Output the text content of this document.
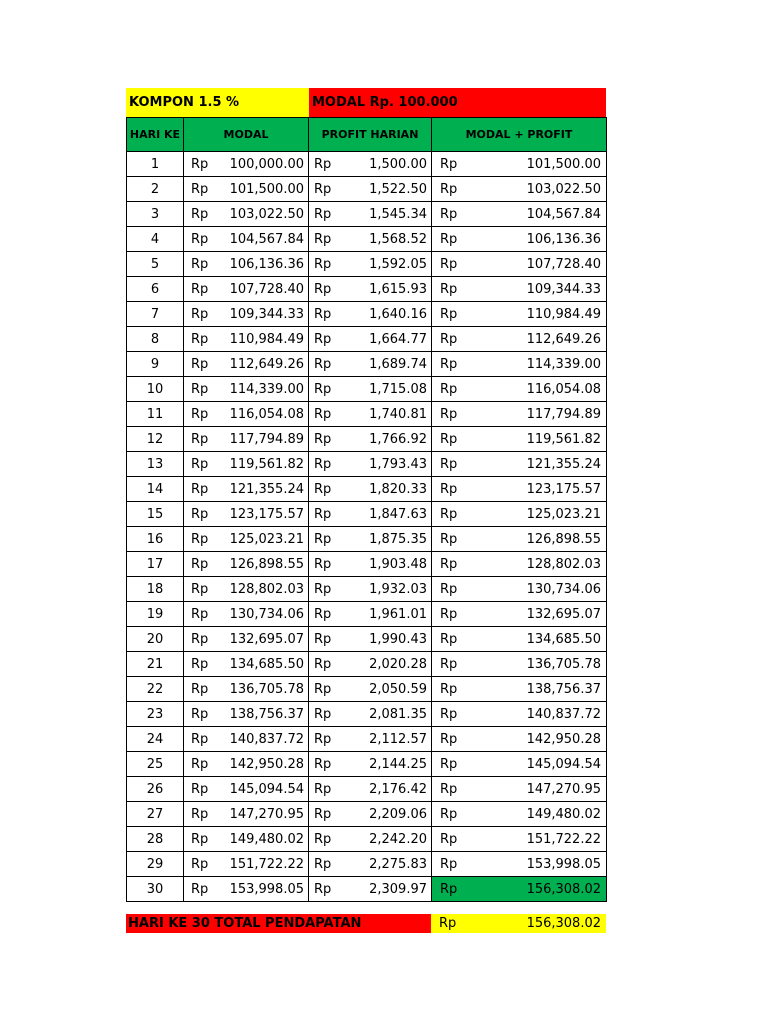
KOMPON 1.5 %	MODAL Rp. 100.000
HARI KE	MODAL	PROFIT HARIAN	MODAL + PROFIT
1	Rp 100,000.00	Rp 1,500.00	Rp 101,500.00

2	Rp 101,500.00	Rp 1,522.50	Rp 103,022.50

3	Rp 103,022.50	Rp 1,545.34	Rp 104,567.84

4	Rp 104,567.84	Rp 1,568.52	Rp 106,136.36

5	Rp 106,136.36	Rp 1,592.05	Rp 107,728.40

6	Rp 107,728.40	Rp 1,615.93	Rp 109,344.33

7	Rp 109,344.33	Rp 1,640.16	Rp 110,984.49

8	Rp 110,984.49	Rp 1,664.77	Rp 112,649.26

9	Rp 112,649.26	Rp 1,689.74	Rp 114,339.00

10	Rp 114,339.00	Rp 1,715.08	Rp 116,054.08

11	Rp 116,054.08	Rp 1,740.81	Rp 117,794.89

12	Rp 117,794.89	Rp 1,766.92	Rp 119,561.82

13	Rp 119,561.82	Rp 1,793.43	Rp 121,355.24

14	Rp 121,355.24	Rp 1,820.33	Rp 123,175.57

15	Rp 123,175.57	Rp 1,847.63	Rp 125,023.21

16	Rp 125,023.21	Rp 1,875.35	Rp 126,898.55

17	Rp 126,898.55	Rp 1,903.48	Rp 128,802.03

18	Rp 128,802.03	Rp 1,932.03	Rp 130,734.06

19	Rp 130,734.06	Rp 1,961.01	Rp 132,695.07

20	Rp 132,695.07	Rp 1,990.43	Rp 134,685.50

21	Rp 134,685.50	Rp 2,020.28	Rp 136,705.78

22	Rp 136,705.78	Rp 2,050.59	Rp 138,756.37

23	Rp 138,756.37	Rp 2,081.35	Rp 140,837.72

24	Rp 140,837.72	Rp 2,112.57	Rp 142,950.28

25	Rp 142,950.28	Rp 2,144.25	Rp 145,094.54

26	Rp 145,094.54	Rp 2,176.42	Rp 147,270.95

27	Rp 147,270.95	Rp 2,209.06	Rp 149,480.02

28	Rp 149,480.02	Rp 2,242.20	Rp 151,722.22

29	Rp 151,722.22	Rp 2,275.83	Rp 153,998.05

30	Rp 153,998.05	Rp 2,309.97	Rp 156,308.02
HARI KE 30 TOTAL PENDAPATAN	Rp	156,308.02
